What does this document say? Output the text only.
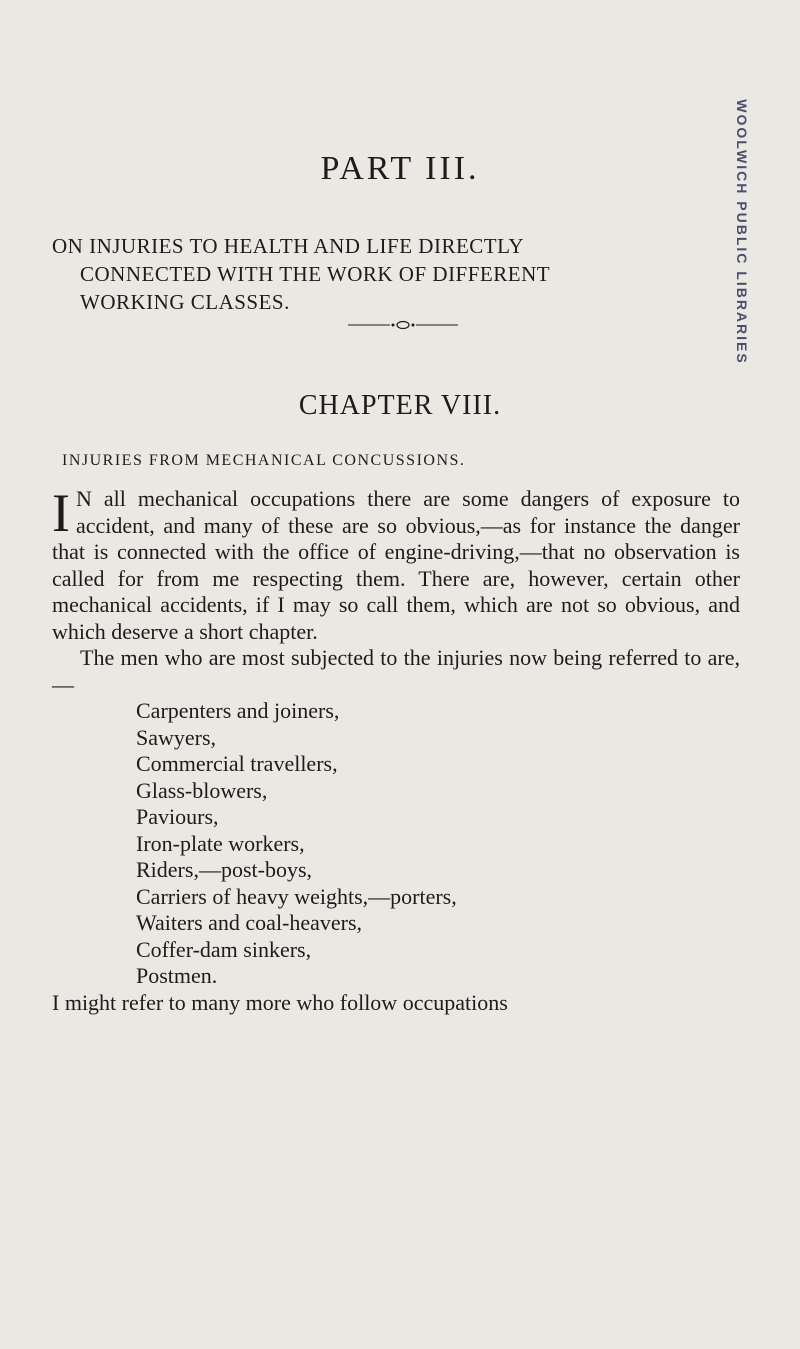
PART III.
ON INJURIES TO HEALTH AND LIFE DIRECTLY
CONNECTED WITH THE WORK OF DIFFERENT
WORKING CLASSES.
CHAPTER VIII.
INJURIES FROM MECHANICAL CONCUSSIONS.

I N all mechanical occupations there are some dangers of exposure to accident, and many of these are so obvious,—as for instance the danger that is connected with the office of engine-driving,—that no observation is called for from me respecting them. There are, however, certain other mechanical accidents, if I may so call them, which are not so obvious, and which deserve a short chapter.

The men who are most subjected to the injuries now being referred to are,—

Carpenters and joiners,
Sawyers,
Commercial travellers,
Glass-blowers,
Paviours,
Iron-plate workers,
Riders,—post-boys,
Carriers of heavy weights,—porters,
Waiters and coal-heavers,
Coffer-dam sinkers,
Postmen.

I might refer to many more who follow occupations

WOOLWICH PUBLIC LIBRARIES
